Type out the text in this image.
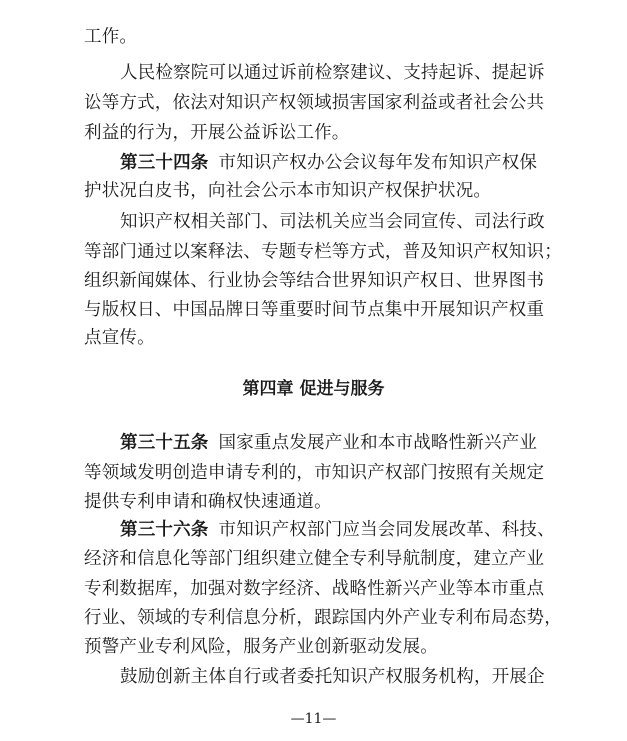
工作。
人民检察院可以通过诉前检察建议、支持起诉、提起诉
讼等方式，依法对知识产权领域损害国家利益或者社会公共
利益的行为，开展公益诉讼工作。
第三十四条 市知识产权办公会议每年发布知识产权保
护状况白皮书，向社会公示本市知识产权保护状况。
知识产权相关部门、司法机关应当会同宣传、司法行政
等部门通过以案释法、专题专栏等方式，普及知识产权知识；
组织新闻媒体、行业协会等结合世界知识产权日、世界图书
与版权日、中国品牌日等重要时间节点集中开展知识产权重
点宣传。
第四章 促进与服务
第三十五条 国家重点发展产业和本市战略性新兴产业
等领域发明创造申请专利的，市知识产权部门按照有关规定
提供专利申请和确权快速通道。
第三十六条 市知识产权部门应当会同发展改革、科技、
经济和信息化等部门组织建立健全专利导航制度，建立产业
专利数据库，加强对数字经济、战略性新兴产业等本市重点
行业、领域的专利信息分析，跟踪国内外产业专利布局态势，
预警产业专利风险，服务产业创新驱动发展。
鼓励创新主体自行或者委托知识产权服务机构，开展企
—11—
